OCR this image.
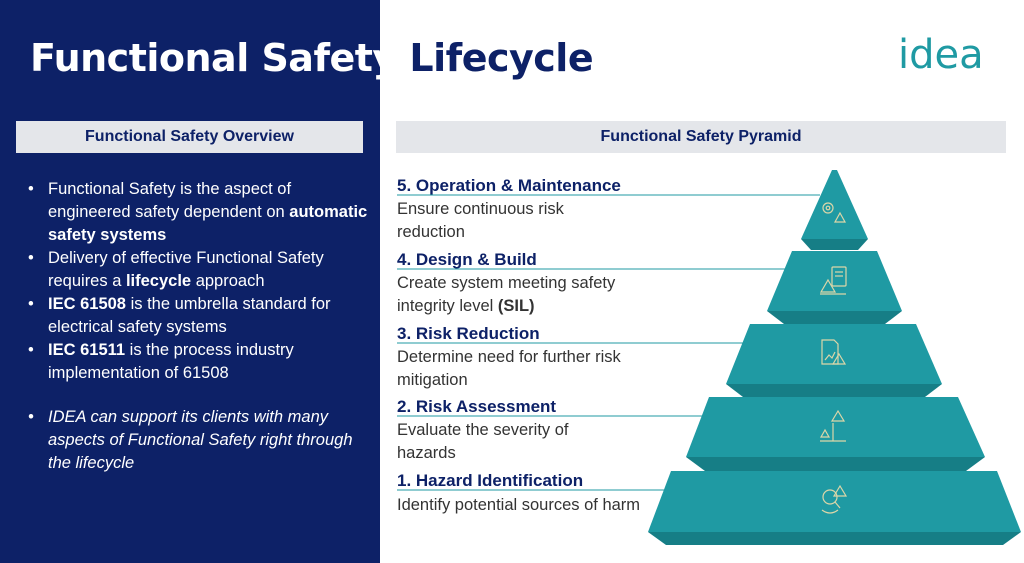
Functional Safety Lifecycle	idea
Functional Safety Overview	Functional Safety Pyramid
• Functional Safety is the aspect of engineered safety dependent on automatic safety systems
• Delivery of effective Functional Safety requires a lifecycle approach
• IEC 61508 is the umbrella standard for electrical safety systems
• IEC 61511 is the process industry implementation of 61508
• IDEA can support its clients with many aspects of Functional Safety right through the lifecycle
5. Operation & Maintenance
Ensure continuous risk reduction
4. Design & Build
Create system meeting safety integrity level (SIL)
3. Risk Reduction
Determine need for further risk mitigation
2. Risk Assessment
Evaluate the severity of hazards
1. Hazard Identification
Identify potential sources of harm
